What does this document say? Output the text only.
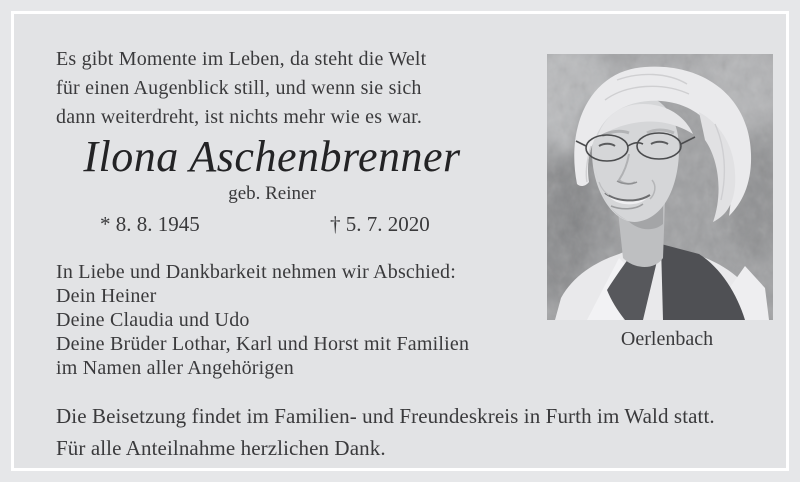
Es gibt Momente im Leben, da steht die Welt
für einen Augenblick still, und wenn sie sich
dann weiterdreht, ist nichts mehr wie es war.
Ilona Aschenbrenner
geb. Reiner
* 8. 8. 1945	† 5. 7. 2020
In Liebe und Dankbarkeit nehmen wir Abschied:
Dein Heiner
Deine Claudia und Udo
Deine Brüder Lothar, Karl und Horst mit Familien
im Namen aller Angehörigen
Oerlenbach
Die Beisetzung findet im Familien- und Freundeskreis in Furth im Wald statt.
Für alle Anteilnahme herzlichen Dank.
